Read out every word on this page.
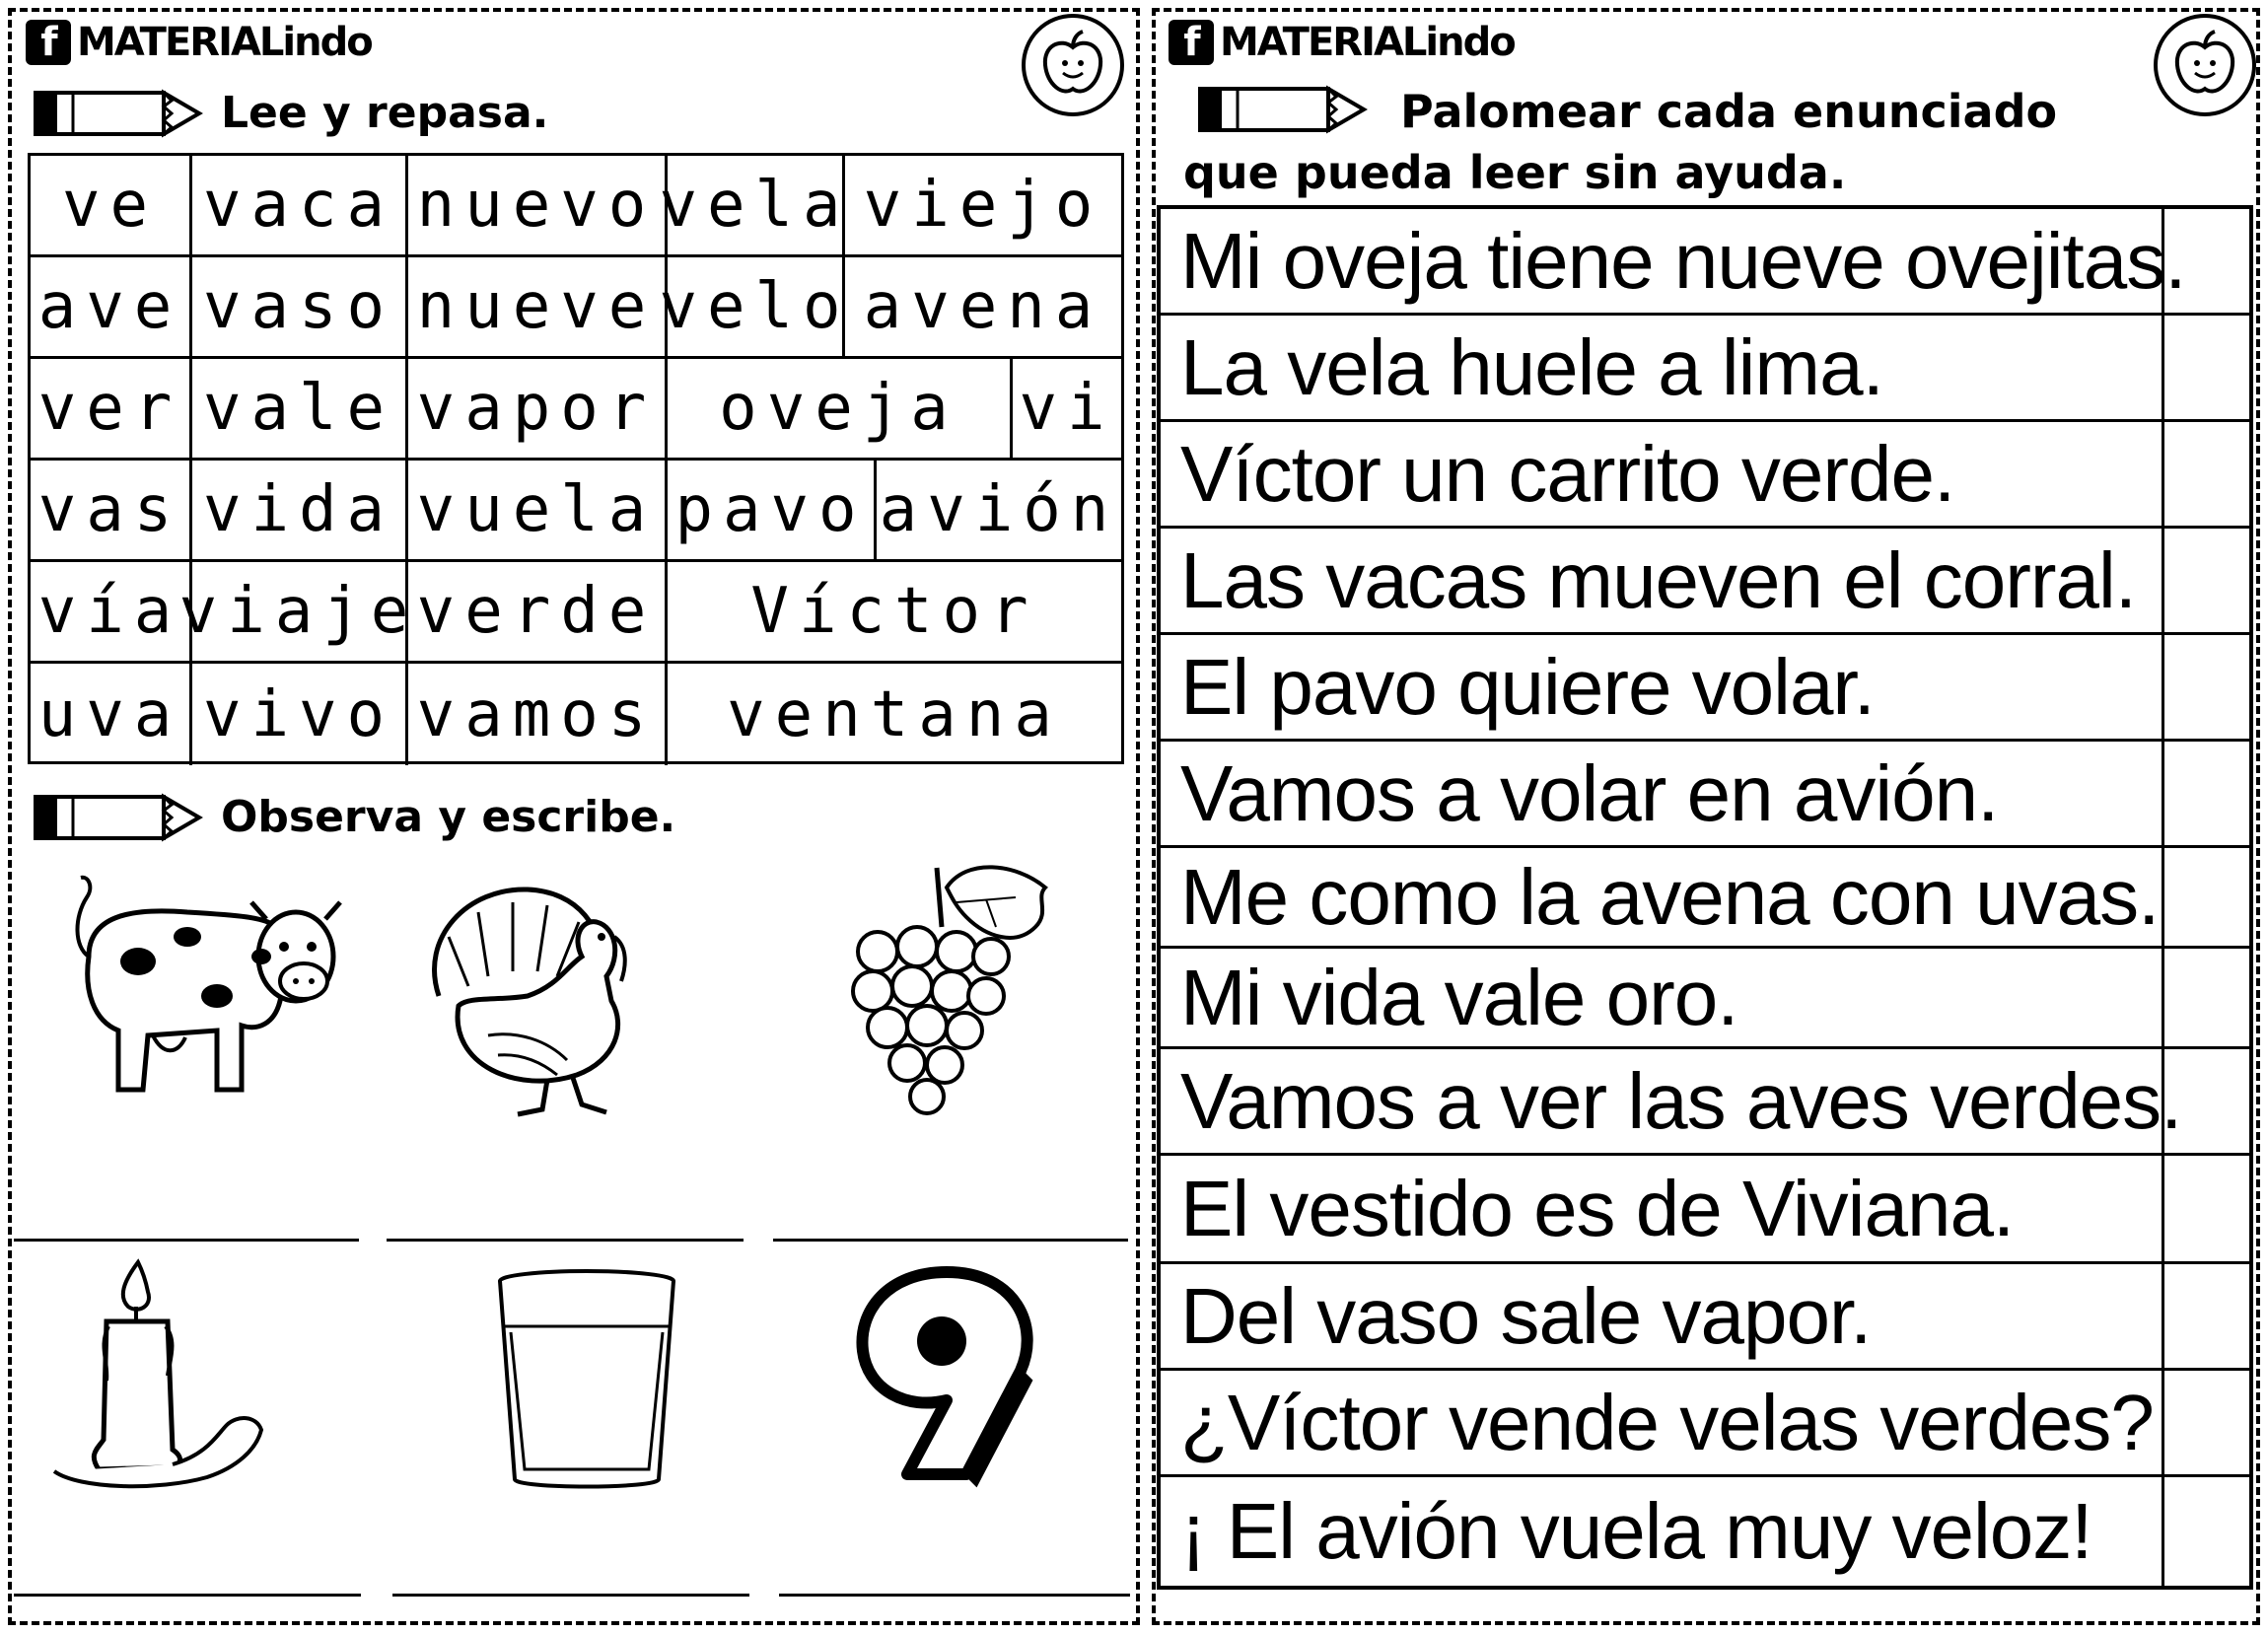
f MATERIALindo
Lee y repasa.
ve vaca nuevo vela viejo
ave vaso nueve velo avena
ver vale vapor oveja vi
vas vida vuela pavo avión
vía
viaje
verde	Víctor
uva vivo vamos	ventana
Observa y escribe.
f MATERIALindo
Palomear cada enunciado que pueda leer sin ayuda.
Mi oveja tiene nueve ovejitas.
La vela huele a lima.
Víctor un carrito verde.
Las vacas mueven el corral.
El pavo quiere volar.
Vamos a volar en avión.
Me como la avena con uvas.
Mi vida vale oro.
Vamos a ver las aves verdes.
El vestido es de Viviana.
Del vaso sale vapor.
¿Víctor vende velas verdes?
¡ El avión vuela muy veloz!
